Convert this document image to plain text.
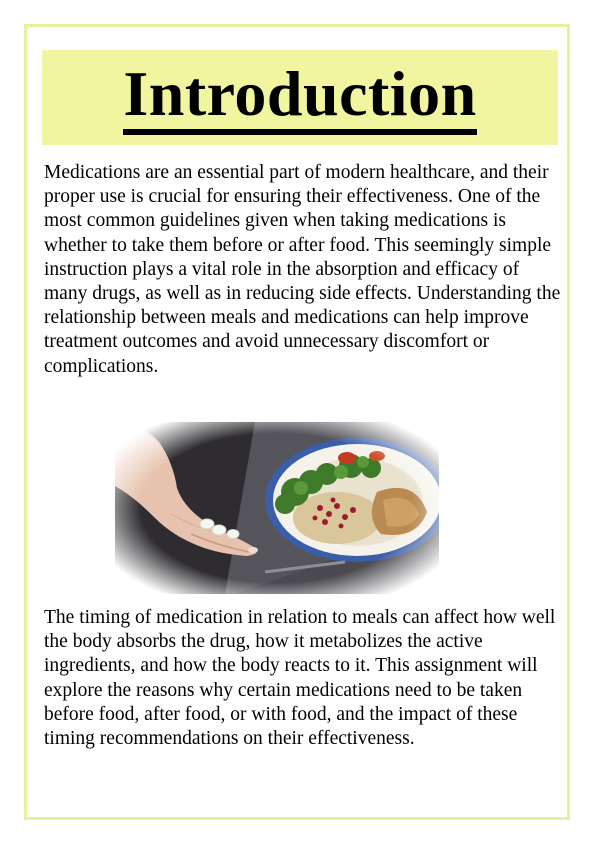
Introduction

Medications are an essential part of modern healthcare, and their proper use is crucial for ensuring their effectiveness. One of the most common guidelines given when taking medications is whether to take them before or after food. This seemingly simple instruction plays a vital role in the absorption and efficacy of many drugs, as well as in reducing side effects. Understanding the relationship between meals and medications can help improve treatment outcomes and avoid unnecessary discomfort or complications.

The timing of medication in relation to meals can affect how well the body absorbs the drug, how it metabolizes the active ingredients, and how the body reacts to it. This assignment will explore the reasons why certain medications need to be taken before food, after food, or with food, and the impact of these timing recommendations on their effectiveness.
